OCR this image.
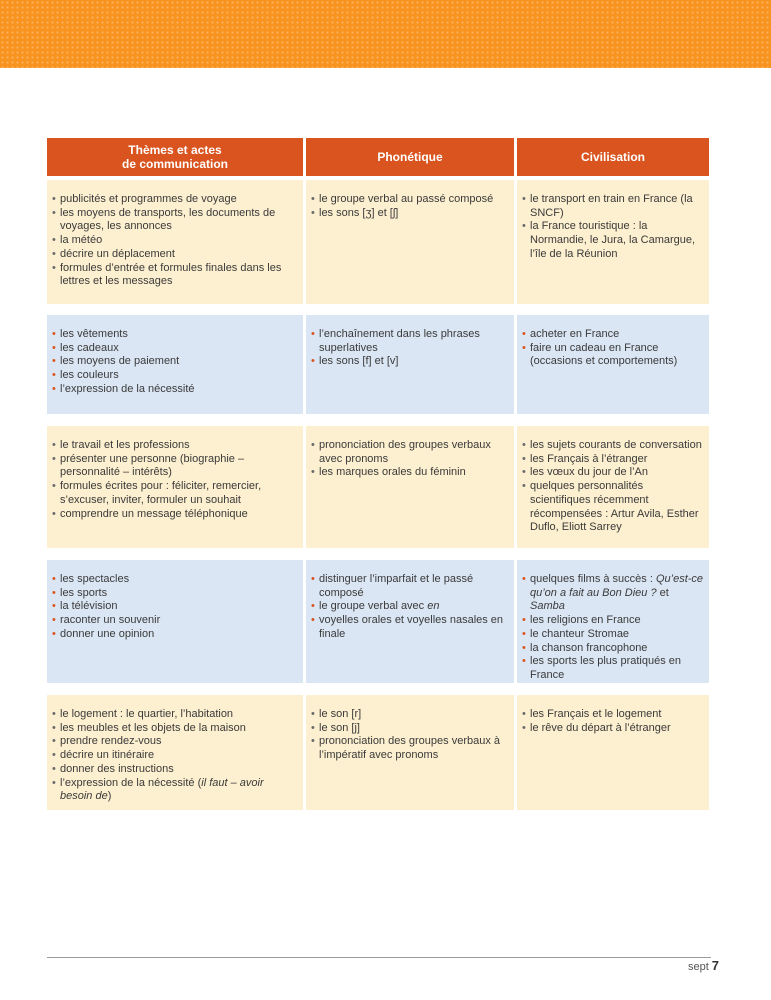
Thèmes et actes
de communication	Phonétique	Civilisation
• publicités et programmes de voyage
• les moyens de transports, les documents de voyages, les annonces
• la météo
• décrire un déplacement
• formules d’entrée et formules finales dans les lettres et les messages
• le groupe verbal au passé composé
• les sons [ʒ] et [ʃ]
• le transport en train en France (la SNCF)
• la France touristique : la Normandie, le Jura, la Camargue, l’île de la Réunion
• les vêtements
• les cadeaux
• les moyens de paiement
• les couleurs
• l’expression de la nécessité
• l’enchaînement dans les phrases superlatives
• les sons [f] et [v]
• acheter en France
• faire un cadeau en France (occasions et comportements)
• le travail et les professions
• présenter une personne (biographie – personnalité – intérêts)
• formules écrites pour : féliciter, remercier, s’excuser, inviter, formuler un souhait
• comprendre un message téléphonique
• prononciation des groupes verbaux avec pronoms
• les marques orales du féminin
• les sujets courants de conversation
• les Français à l’étranger
• les vœux du jour de l’An
• quelques personnalités scientifiques récemment récompensées : Artur Avila, Esther Duflo, Eliott Sarrey
• les spectacles
• les sports
• la télévision
• raconter un souvenir
• donner une opinion
• distinguer l’imparfait et le passé composé
• le groupe verbal avec en
• voyelles orales et voyelles nasales en finale
• quelques films à succès : Qu’est-ce qu’on a fait au Bon Dieu ? et Samba
• les religions en France
• le chanteur Stromae
• la chanson francophone
• les sports les plus pratiqués en France
• le logement : le quartier, l’habitation
• les meubles et les objets de la maison
• prendre rendez-vous
• décrire un itinéraire
• donner des instructions
• l’expression de la nécessité (il faut – avoir besoin de)
• le son [r]
• le son [j]
• prononciation des groupes verbaux à l’impératif avec pronoms
• les Français et le logement
• le rêve du départ à l’étranger
sept 7
